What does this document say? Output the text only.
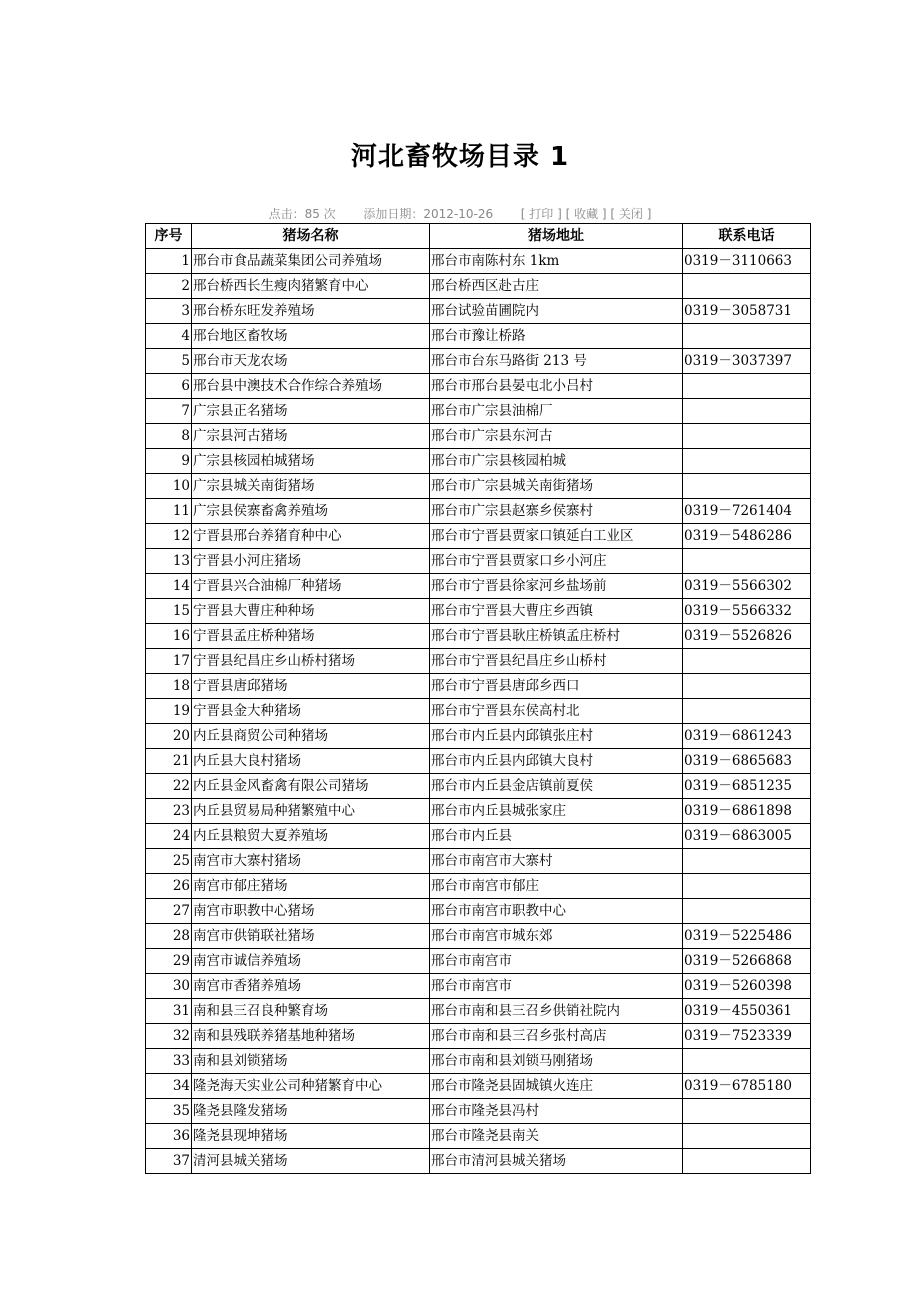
河北畜牧场目录 1
点击：85 次 添加日期：2012-10-26 [ 打印 ] [ 收藏 ] [ 关闭 ]
序号	猪场名称	猪场地址	联系电话
1	邢台市食品蔬菜集团公司养殖场	邢台市南陈村东 1km	0319－3110663
2	邢台桥西长生瘦肉猪繁育中心	邢台桥西区赴古庄	
3	邢台桥东旺发养殖场	邢台试验苗圃院内	0319－3058731
4	邢台地区畜牧场	邢台市豫让桥路	
5	邢台市天龙农场	邢台市台东马路街 213 号	0319－3037397
6	邢台县中澳技术合作综合养殖场	邢台市邢台县晏屯北小吕村	
7	广宗县正名猪场	邢台市广宗县油棉厂	
8	广宗县河古猪场	邢台市广宗县东河古	
9	广宗县核园柏城猪场	邢台市广宗县核园柏城	
10	广宗县城关南街猪场	邢台市广宗县城关南街猪场	
11	广宗县侯寨畜禽养殖场	邢台市广宗县赵寨乡侯寨村	0319－7261404
12	宁晋县邢台养猪育种中心	邢台市宁晋县贾家口镇延白工业区	0319－5486286
13	宁晋县小河庄猪场	邢台市宁晋县贾家口乡小河庄	
14	宁晋县兴合油棉厂种猪场	邢台市宁晋县徐家河乡盐场前	0319－5566302
15	宁晋县大曹庄种种场	邢台市宁晋县大曹庄乡西镇	0319－5566332
16	宁晋县孟庄桥种猪场	邢台市宁晋县耿庄桥镇孟庄桥村	0319－5526826
17	宁晋县纪昌庄乡山桥村猪场	邢台市宁晋县纪昌庄乡山桥村	
18	宁晋县唐邱猪场	邢台市宁晋县唐邱乡西口	
19	宁晋县金大种猪场	邢台市宁晋县东侯高村北	
20	内丘县商贸公司种猪场	邢台市内丘县内邱镇张庄村	0319－6861243
21	内丘县大良村猪场	邢台市内丘县内邱镇大良村	0319－6865683
22	内丘县金风畜禽有限公司猪场	邢台市内丘县金店镇前夏侯	0319－6851235
23	内丘县贸易局种猪繁殖中心	邢台市内丘县城张家庄	0319－6861898
24	内丘县粮贸大夏养殖场	邢台市内丘县	0319－6863005
25	南宫市大寨村猪场	邢台市南宫市大寨村	
26	南宫市郁庄猪场	邢台市南宫市郁庄	
27	南宫市职教中心猪场	邢台市南宫市职教中心	
28	南宫市供销联社猪场	邢台市南宫市城东郊	0319－5225486
29	南宫市诚信养殖场	邢台市南宫市	0319－5266868
30	南宫市香猪养殖场	邢台市南宫市	0319－5260398
31	南和县三召良种繁育场	邢台市南和县三召乡供销社院内	0319－4550361
32	南和县残联养猪基地种猪场	邢台市南和县三召乡张村高店	0319－7523339
33	南和县刘锁猪场	邢台市南和县刘锁马刚猪场	
34	隆尧海天实业公司种猪繁育中心	邢台市隆尧县固城镇火连庄	0319－6785180
35	隆尧县隆发猪场	邢台市隆尧县冯村	
36	隆尧县现坤猪场	邢台市隆尧县南关	
37	清河县城关猪场	邢台市清河县城关猪场	
